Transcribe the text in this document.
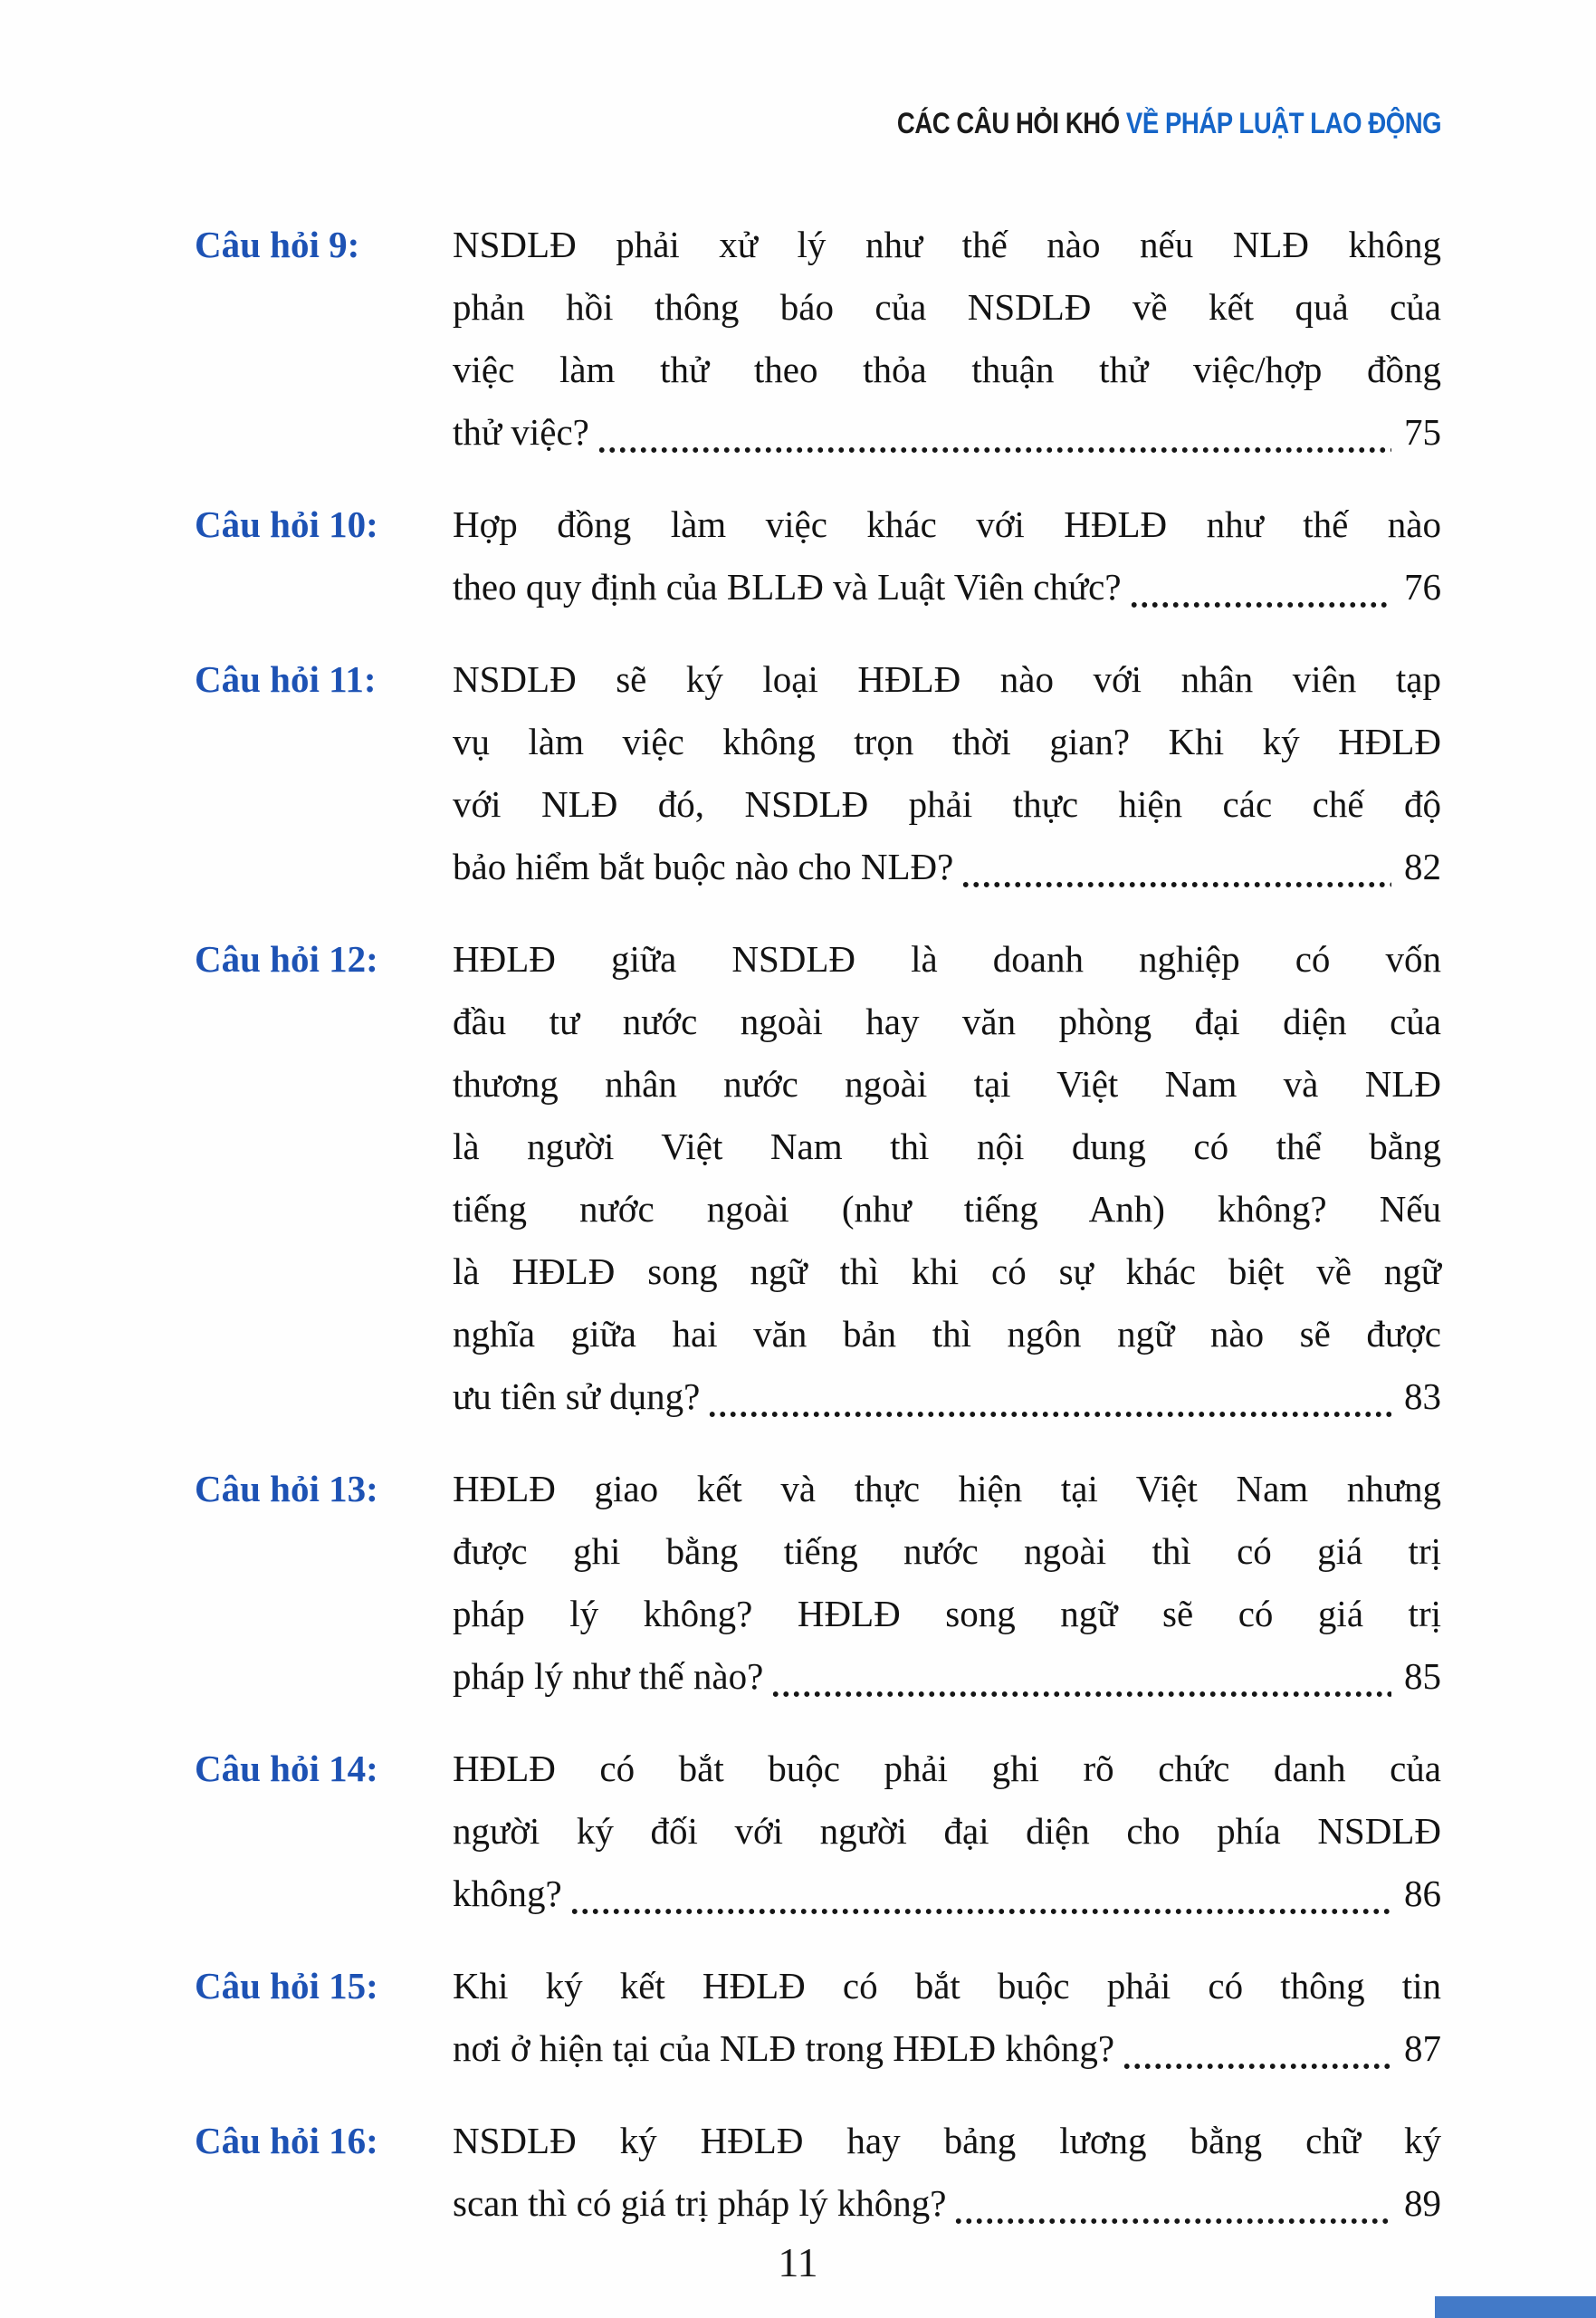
CÁC CÂU HỎI KHÓ VỀ PHÁP LUẬT LAO ĐỘNG
Câu hỏi 9:	NSDLĐ phải xử lý như thế nào nếu NLĐ không
phản hồi thông báo của NSDLĐ về kết quả của
việc làm thử theo thỏa thuận thử việc/hợp đồng
thử việc?	75
Câu hỏi 10:	Hợp đồng làm việc khác với HĐLĐ như thế nào
theo quy định của BLLĐ và Luật Viên chức?	76
Câu hỏi 11:	NSDLĐ sẽ ký loại HĐLĐ nào với nhân viên tạp
vụ làm việc không trọn thời gian? Khi ký HĐLĐ
với NLĐ đó, NSDLĐ phải thực hiện các chế độ
bảo hiểm bắt buộc nào cho NLĐ?	82
Câu hỏi 12:	HĐLĐ giữa NSDLĐ là doanh nghiệp có vốn
đầu tư nước ngoài hay văn phòng đại diện của
thương nhân nước ngoài tại Việt Nam và NLĐ
là người Việt Nam thì nội dung có thể bằng
tiếng nước ngoài (như tiếng Anh) không? Nếu
là HĐLĐ song ngữ thì khi có sự khác biệt về ngữ
nghĩa giữa hai văn bản thì ngôn ngữ nào sẽ được
ưu tiên sử dụng?	83
Câu hỏi 13:	HĐLĐ giao kết và thực hiện tại Việt Nam nhưng
được ghi bằng tiếng nước ngoài thì có giá trị
pháp lý không? HĐLĐ song ngữ sẽ có giá trị
pháp lý như thế nào?	85
Câu hỏi 14:	HĐLĐ có bắt buộc phải ghi rõ chức danh của
người ký đối với người đại diện cho phía NSDLĐ
không?	86
Câu hỏi 15:	Khi ký kết HĐLĐ có bắt buộc phải có thông tin
nơi ở hiện tại của NLĐ trong HĐLĐ không?	87
Câu hỏi 16:	NSDLĐ ký HĐLĐ hay bảng lương bằng chữ ký
scan thì có giá trị pháp lý không?	89
11
